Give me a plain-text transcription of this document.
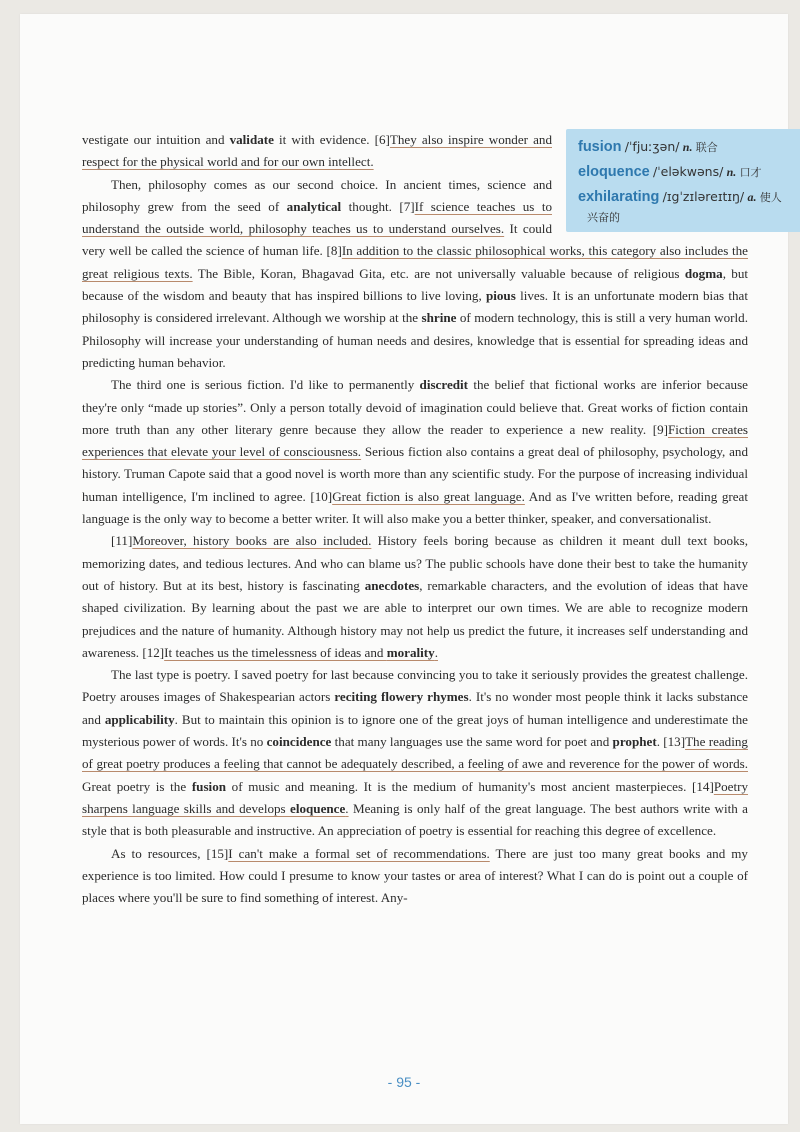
fusion /ˈfjuːʒən/ n. 联合
eloquence /ˈeləkwəns/ n. 口才
exhilarating /ɪgˈzɪləreɪtɪŋ/ a. 使人
兴奋的

vestigate our intuition and validate it with evidence. [6]They also inspire wonder and respect for the physical world and for our own intellect.

Then, philosophy comes as our second choice. In ancient times, science and philosophy grew from the seed of analytical thought. [7]If science teaches us to understand the outside world, philosophy teaches us to understand ourselves. It could very well be called the science of human life. [8]In addition to the classic philosophical works, this category also includes the great religious texts. The Bible, Koran, Bhagavad Gita, etc. are not universally valuable because of religious dogma, but because of the wisdom and beauty that has inspired billions to live loving, pious lives. It is an unfortunate modern bias that philosophy is considered irrelevant. Although we worship at the shrine of modern technology, this is still a very human world. Philosophy will increase your understanding of human needs and desires, knowledge that is essential for spreading ideas and predicting human behavior.

The third one is serious fiction. I'd like to permanently discredit the belief that fictional works are inferior because they're only “made up stories”. Only a person totally devoid of imagination could believe that. Great works of fiction contain more truth than any other literary genre because they allow the reader to experience a new reality. [9]Fiction creates experiences that elevate your level of consciousness. Serious fiction also contains a great deal of philosophy, psychology, and history. Truman Capote said that a good novel is worth more than any scientific study. For the purpose of increasing individual human intelligence, I'm inclined to agree. [10]Great fiction is also great language. And as I've written before, reading great language is the only way to become a better writer. It will also make you a better thinker, speaker, and conversationalist.

[11]Moreover, history books are also included. History feels boring because as children it meant dull text books, memorizing dates, and tedious lectures. And who can blame us? The public schools have done their best to take the humanity out of history. But at its best, history is fascinating anecdotes, remarkable characters, and the evolution of ideas that have shaped civilization. By learning about the past we are able to interpret our own times. We are able to recognize modern prejudices and the nature of humanity. Although history may not help us predict the future, it increases self understanding and awareness. [12]It teaches us the timelessness of ideas and morality.

The last type is poetry. I saved poetry for last because convincing you to take it seriously provides the greatest challenge. Poetry arouses images of Shakespearian actors reciting flowery rhymes. It's no wonder most people think it lacks substance and applicability. But to maintain this opinion is to ignore one of the great joys of human intelligence and underestimate the mysterious power of words. It's no coincidence that many languages use the same word for poet and prophet. [13]The reading of great poetry produces a feeling that cannot be adequately described, a feeling of awe and reverence for the power of words. Great poetry is the fusion of music and meaning. It is the medium of humanity's most ancient masterpieces. [14]Poetry sharpens language skills and develops eloquence. Meaning is only half of the great language. The best authors write with a style that is both pleasurable and instructive. An appreciation of poetry is essential for reaching this degree of excellence.

As to resources, [15]I can't make a formal set of recommendations. There are just too many great books and my experience is too limited. How could I presume to know your tastes or area of interest? What I can do is point out a couple of places where you'll be sure to find something of interest. Any-

- 95 -
